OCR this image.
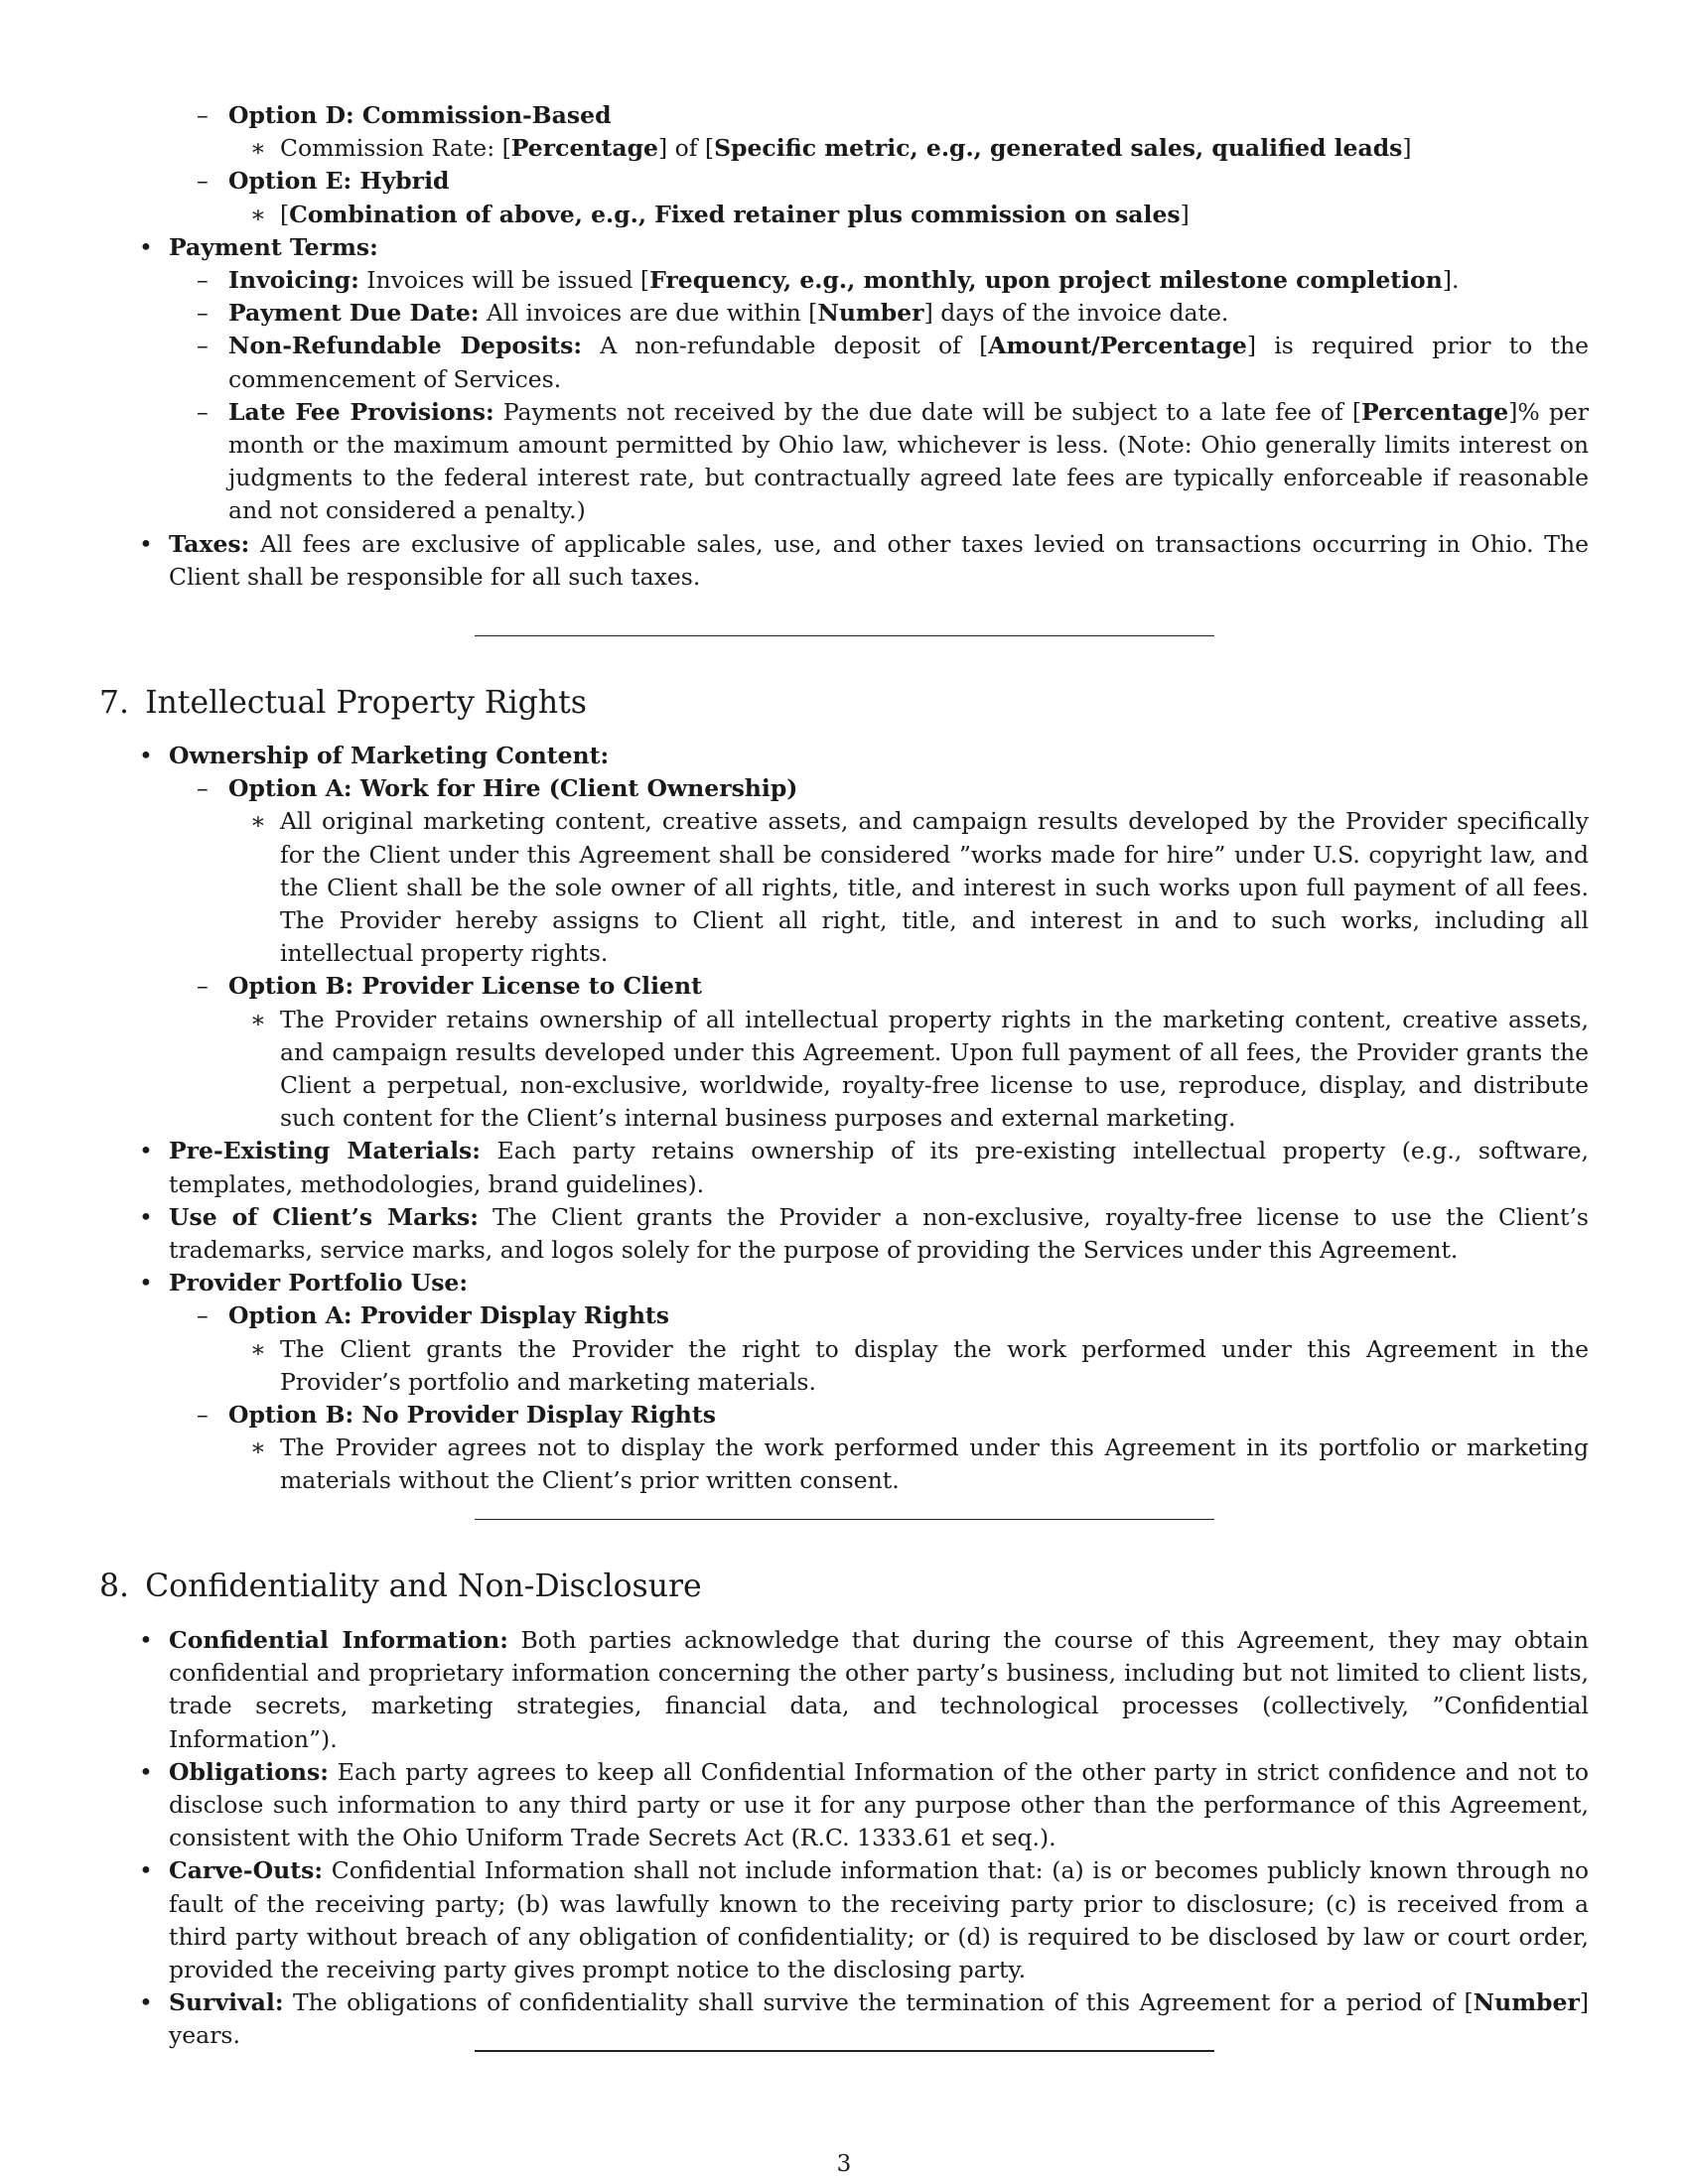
– Option D: Commission-Based
∗ Commission Rate: [Percentage] of [Specific metric, e.g., generated sales, qualified leads]
– Option E: Hybrid
∗ [Combination of above, e.g., Fixed retainer plus commission on sales]
• Payment Terms:
– Invoicing: Invoices will be issued [Frequency, e.g., monthly, upon project milestone completion].
– Payment Due Date: All invoices are due within [Number] days of the invoice date.
– Non-Refundable Deposits: A non-refundable deposit of [Amount/Percentage] is required prior to the commencement of Services.
– Late Fee Provisions: Payments not received by the due date will be subject to a late fee of [Percentage]% per month or the maximum amount permitted by Ohio law, whichever is less. (Note: Ohio generally limits interest on judgments to the federal interest rate, but contractually agreed late fees are typically enforceable if reasonable and not considered a penalty.)
• Taxes: All fees are exclusive of applicable sales, use, and other taxes levied on transactions occurring in Ohio. The Client shall be responsible for all such taxes.
7. Intellectual Property Rights
• Ownership of Marketing Content:
– Option A: Work for Hire (Client Ownership)
∗ All original marketing content, creative assets, and campaign results developed by the Provider specifically for the Client under this Agreement shall be considered ”works made for hire” under U.S. copyright law, and the Client shall be the sole owner of all rights, title, and interest in such works upon full payment of all fees. The Provider hereby assigns to Client all right, title, and interest in and to such works, including all intellectual property rights.
– Option B: Provider License to Client
∗ The Provider retains ownership of all intellectual property rights in the marketing content, creative assets, and campaign results developed under this Agreement. Upon full payment of all fees, the Provider grants the Client a perpetual, non-exclusive, worldwide, royalty-free license to use, reproduce, display, and distribute such content for the Client’s internal business purposes and external marketing.
• Pre-Existing Materials: Each party retains ownership of its pre-existing intellectual property (e.g., software, templates, methodologies, brand guidelines).
• Use of Client’s Marks: The Client grants the Provider a non-exclusive, royalty-free license to use the Client’s trademarks, service marks, and logos solely for the purpose of providing the Services under this Agreement.
• Provider Portfolio Use:
– Option A: Provider Display Rights
∗ The Client grants the Provider the right to display the work performed under this Agreement in the Provider’s portfolio and marketing materials.
– Option B: No Provider Display Rights
∗ The Provider agrees not to display the work performed under this Agreement in its portfolio or marketing materials without the Client’s prior written consent.
8. Confidentiality and Non-Disclosure
• Confidential Information: Both parties acknowledge that during the course of this Agreement, they may obtain confidential and proprietary information concerning the other party’s business, including but not limited to client lists, trade secrets, marketing strategies, financial data, and technological processes (collectively, ”Confidential Information”).
• Obligations: Each party agrees to keep all Confidential Information of the other party in strict confidence and not to disclose such information to any third party or use it for any purpose other than the performance of this Agreement, consistent with the Ohio Uniform Trade Secrets Act (R.C. 1333.61 et seq.).
• Carve-Outs: Confidential Information shall not include information that: (a) is or becomes publicly known through no fault of the receiving party; (b) was lawfully known to the receiving party prior to disclosure; (c) is received from a third party without breach of any obligation of confidentiality; or (d) is required to be disclosed by law or court order, provided the receiving party gives prompt notice to the disclosing party.
• Survival: The obligations of confidentiality shall survive the termination of this Agreement for a period of [Number] years.
3
